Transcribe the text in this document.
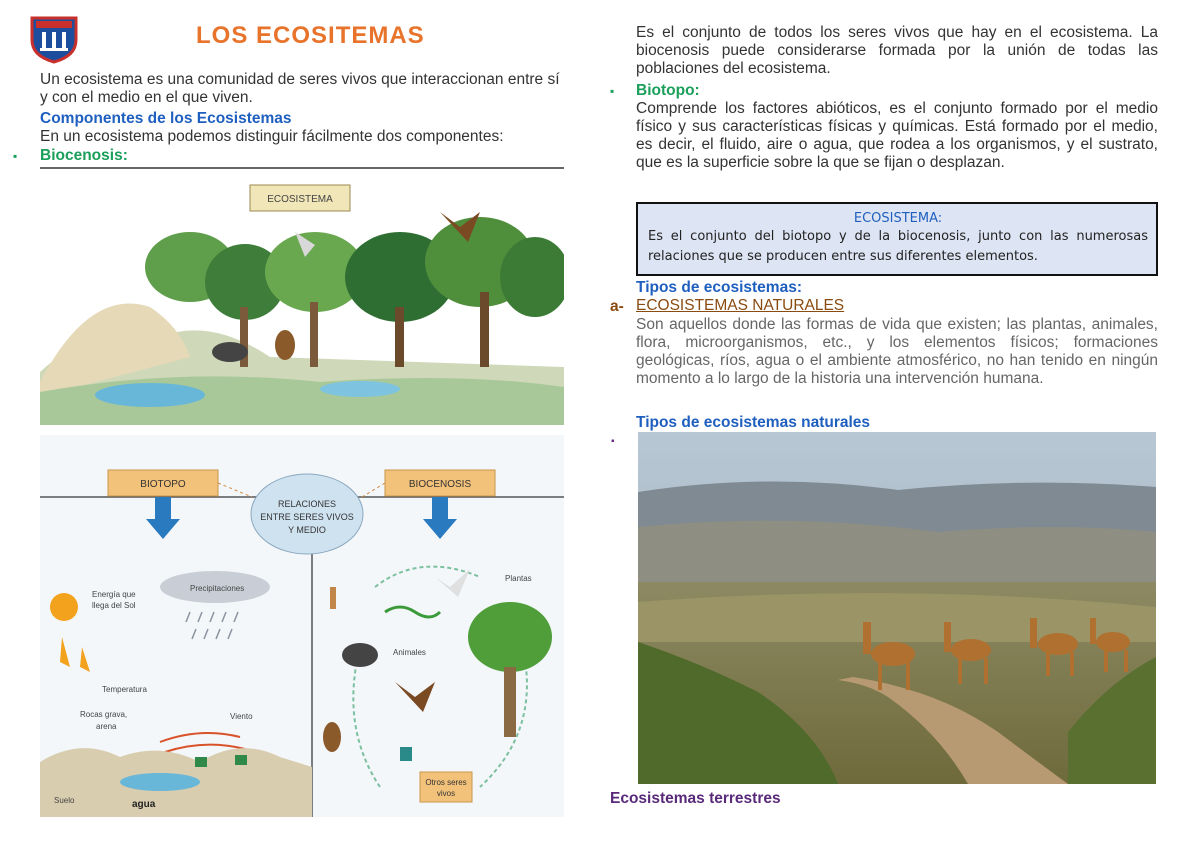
LOS ECOSITEMAS
Un ecosistema es una comunidad de seres vivos que interaccionan entre sí y con el medio en el que viven.
Componentes de los Ecosistemas
En un ecosistema podemos distinguir fácilmente dos componentes:
▪ Biocenosis:
ECOSISTEMA
BIOTOPO	BIOCENOSIS
RELACIONES
ENTRE SERES VIVOS
Y MEDIO
Energía que
llega del Sol
Precipitaciones
Temperatura
Rocas grava,
arena
Viento
Suelo	agua
Plantas
Animales
Otros seres
vivos
Es el conjunto de todos los seres vivos que hay en el ecosistema. La biocenosis puede considerarse formada por la unión de todas las poblaciones del ecosistema.
▪ Biotopo:
Comprende los factores abióticos, es el conjunto formado por el medio físico y sus características físicas y químicas. Está formado por el medio, es decir, el fluido, aire o agua, que rodea a los organismos, y el sustrato, que es la superficie sobre la que se fijan o desplazan.
ECOSISTEMA:
Es el conjunto del biotopo y de la biocenosis, junto con las numerosas relaciones que se producen entre sus diferentes elementos.
Tipos de ecosistemas:
a- ECOSISTEMAS NATURALES
Son aquellos donde las formas de vida que existen; las plantas, animales, flora, microorganismos, etc., y los elementos físicos; formaciones geológicas, ríos, agua o el ambiente atmosférico, no han tenido en ningún momento a lo largo de la historia una intervención humana.
Tipos de ecosistemas naturales
▪
Ecosistemas terrestres
